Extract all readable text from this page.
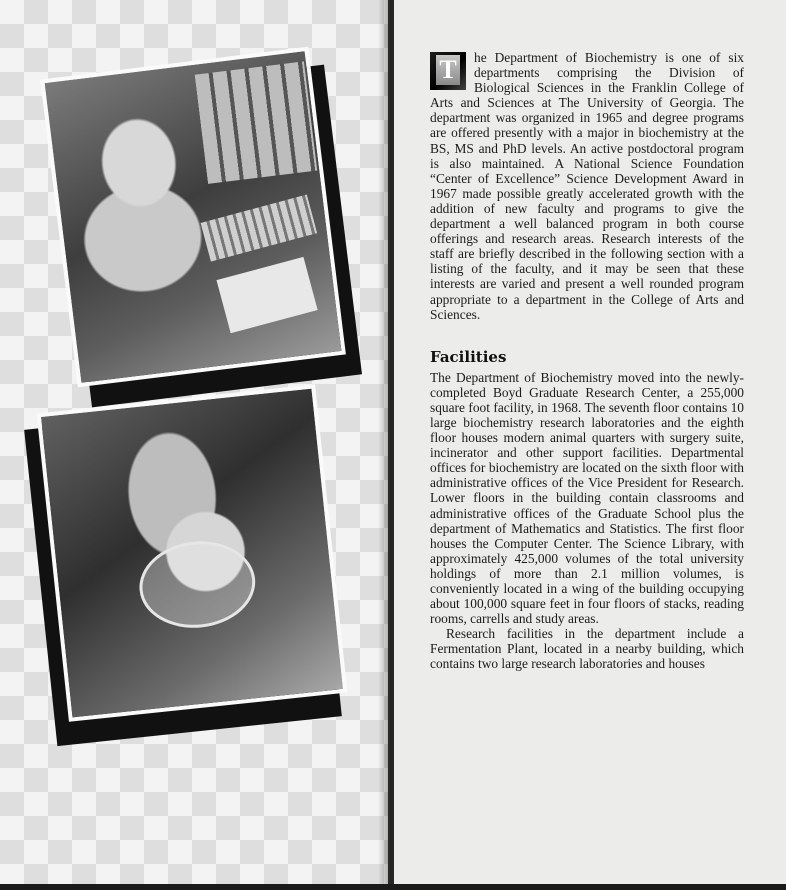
T	he Department of Biochemistry is one of six departments comprising the Division of Biological Sciences in the Franklin College of Arts and Sciences at The University of Georgia. The department was organized in 1965 and degree programs are offered presently with a major in biochemistry at the BS, MS and PhD levels. An active postdoctoral program is also maintained. A National Science Foundation “Center of Excellence” Science Development Award in 1967 made possible greatly accelerated growth with the addition of new faculty and programs to give the department a well balanced program in both course offerings and research areas. Research interests of the staff are briefly described in the following section with a listing of the faculty, and it may be seen that these interests are varied and present a well rounded program appropriate to a department in the College of Arts and Sciences.

Facilities

The Department of Biochemistry moved into the newly-completed Boyd Graduate Research Center, a 255,000 square foot facility, in 1968. The seventh floor contains 10 large biochemistry research laboratories and the eighth floor houses modern animal quarters with surgery suite, incinerator and other support facilities. Departmental offices for biochemistry are located on the sixth floor with administrative offices of the Vice President for Research. Lower floors in the building contain classrooms and administrative offices of the Graduate School plus the department of Mathematics and Statistics. The first floor houses the Computer Center. The Science Library, with approximately 425,000 volumes of the total university holdings of more than 2.1 million volumes, is conveniently located in a wing of the building occupying about 100,000 square feet in four floors of stacks, reading rooms, carrells and study areas.

Research facilities in the department include a Fermentation Plant, located in a nearby building, which contains two large research laboratories and houses
